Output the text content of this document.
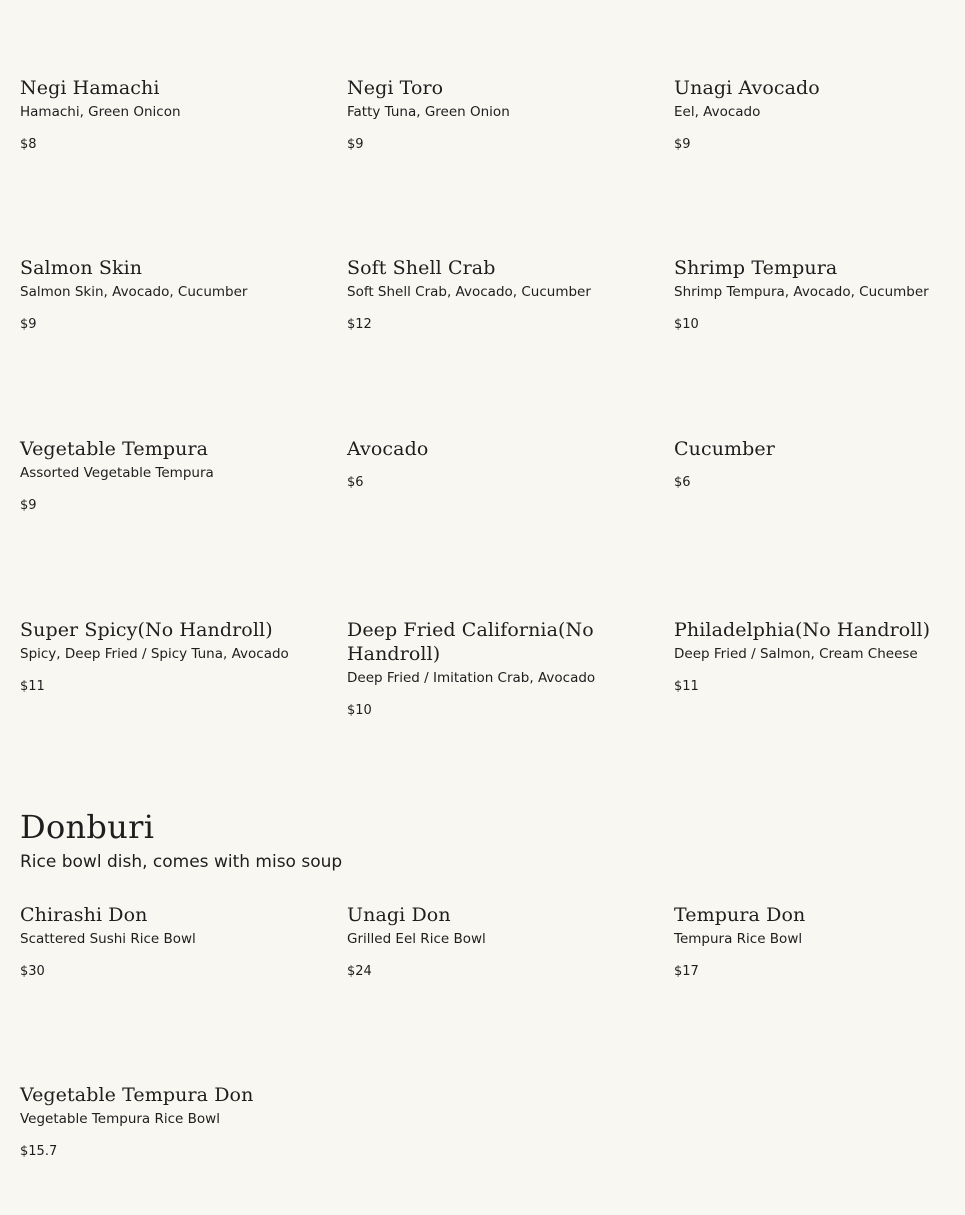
Negi Hamachi

Hamachi, Green Onicon

$8
Negi Toro

Fatty Tuna, Green Onion

$9
Unagi Avocado

Eel, Avocado

$9
Salmon Skin

Salmon Skin, Avocado, Cucumber

$9
Soft Shell Crab

Soft Shell Crab, Avocado, Cucumber

$12
Shrimp Tempura

Shrimp Tempura, Avocado, Cucumber

$10
Vegetable Tempura

Assorted Vegetable Tempura

$9
Avocado
$6
Cucumber
$6
Super Spicy(No Handroll)

Spicy, Deep Fried / Spicy Tuna, Avocado

$11
Deep Fried California(No Handroll)

Deep Fried / Imitation Crab, Avocado

$10
Philadelphia(No Handroll)

Deep Fried / Salmon, Cream Cheese

$11
Donburi

Rice bowl dish, comes with miso soup

Chirashi Don

Scattered Sushi Rice Bowl

$30
Unagi Don

Grilled Eel Rice Bowl

$24
Tempura Don

Tempura Rice Bowl

$17
Vegetable Tempura Don

Vegetable Tempura Rice Bowl

$15.7
